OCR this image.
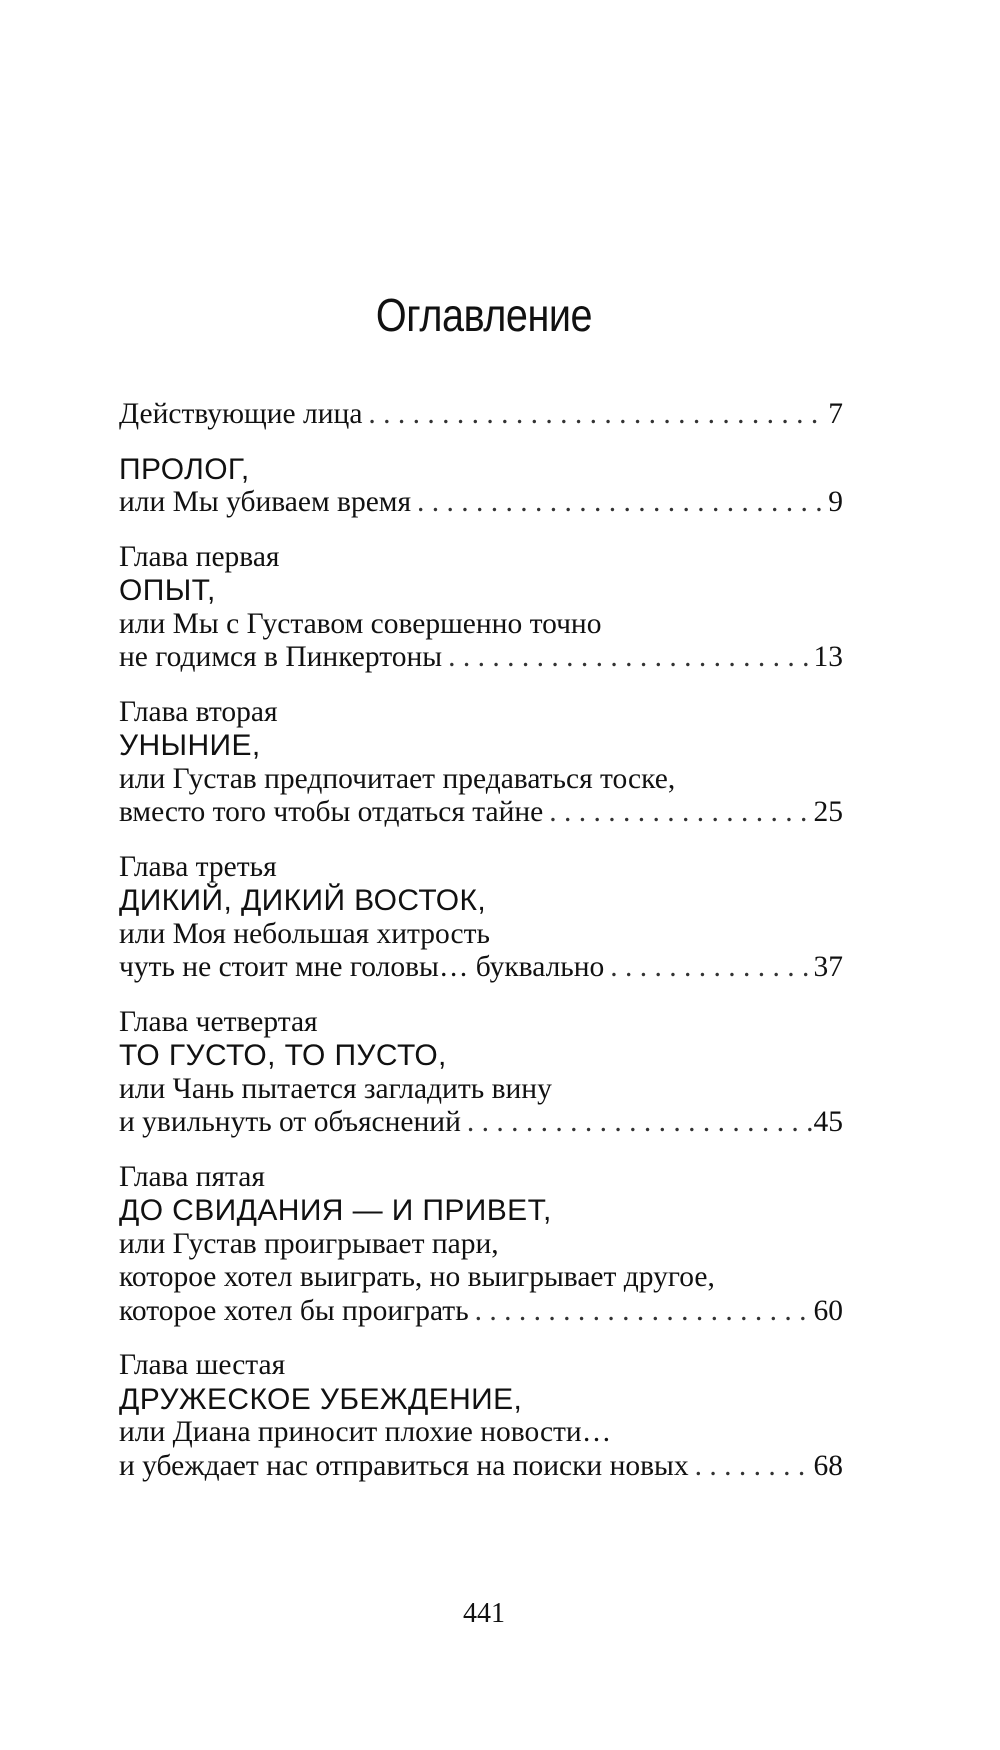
Оглавление
Действующие лица . . .	7
ПРОЛОГ,
или Мы убиваем время . . .	9
Глава первая
ОПЫТ,
или Мы с Густавом совершенно точно
не годимся в Пинкертоны . . .	13
Глава вторая
УНЫНИЕ,
или Густав предпочитает предаваться тоске,
вместо того чтобы отдаться тайне . . .	25
Глава третья
ДИКИЙ, ДИКИЙ ВОСТОК,
или Моя небольшая хитрость
чуть не стоит мне головы… буквально . . .	37
Глава четвертая
ТО ГУСТО, ТО ПУСТО,
или Чань пытается загладить вину
и увильнуть от объяснений . . .	45
Глава пятая
ДО СВИДАНИЯ — И ПРИВЕТ,
или Густав проигрывает пари,
которое хотел выиграть, но выигрывает другое,
которое хотел бы проиграть . . .	60
Глава шестая
ДРУЖЕСКОЕ УБЕЖДЕНИЕ,
или Диана приносит плохие новости…
и убеждает нас отправиться на поиски новых . . .	68
441
